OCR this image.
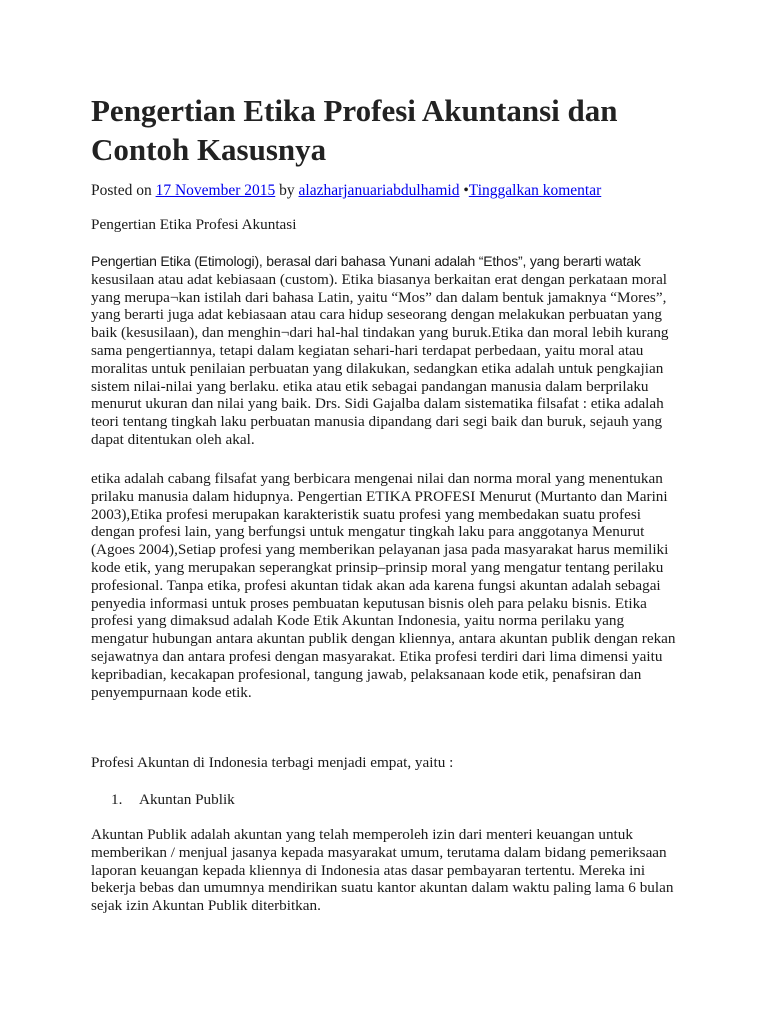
Pengertian Etika Profesi Akuntansi dan
Contoh Kasusnya
Posted on 17 November 2015 by alazharjanuariabdulhamid •Tinggalkan komentar

Pengertian Etika Profesi Akuntasi

Pengertian Etika (Etimologi), berasal dari bahasa Yunani adalah “Ethos”, yang berarti watak
kesusilaan atau adat kebiasaan (custom). Etika biasanya berkaitan erat dengan perkataan moral
yang merupa¬kan istilah dari bahasa Latin, yaitu “Mos” dan dalam bentuk jamaknya “Mores”,
yang berarti juga adat kebiasaan atau cara hidup seseorang dengan melakukan perbuatan yang
baik (kesusilaan), dan menghin¬dari hal-hal tindakan yang buruk.Etika dan moral lebih kurang
sama pengertiannya, tetapi dalam kegiatan sehari-hari terdapat perbedaan, yaitu moral atau
moralitas untuk penilaian perbuatan yang dilakukan, sedangkan etika adalah untuk pengkajian
sistem nilai-nilai yang berlaku. etika atau etik sebagai pandangan manusia dalam berprilaku
menurut ukuran dan nilai yang baik. Drs. Sidi Gajalba dalam sistematika filsafat : etika adalah
teori tentang tingkah laku perbuatan manusia dipandang dari segi baik dan buruk, sejauh yang
dapat ditentukan oleh akal.
etika adalah cabang filsafat yang berbicara mengenai nilai dan norma moral yang menentukan
prilaku manusia dalam hidupnya. Pengertian ETIKA PROFESI Menurut (Murtanto dan Marini
2003),Etika profesi merupakan karakteristik suatu profesi yang membedakan suatu profesi
dengan profesi lain, yang berfungsi untuk mengatur tingkah laku para anggotanya Menurut
(Agoes 2004),Setiap profesi yang memberikan pelayanan jasa pada masyarakat harus memiliki
kode etik, yang merupakan seperangkat prinsip–prinsip moral yang mengatur tentang perilaku
profesional. Tanpa etika, profesi akuntan tidak akan ada karena fungsi akuntan adalah sebagai
penyedia informasi untuk proses pembuatan keputusan bisnis oleh para pelaku bisnis. Etika
profesi yang dimaksud adalah Kode Etik Akuntan Indonesia, yaitu norma perilaku yang
mengatur hubungan antara akuntan publik dengan kliennya, antara akuntan publik dengan rekan
sejawatnya dan antara profesi dengan masyarakat. Etika profesi terdiri dari lima dimensi yaitu
kepribadian, kecakapan profesional, tangung jawab, pelaksanaan kode etik, penafsiran dan
penyempurnaan kode etik.

Profesi Akuntan di Indonesia terbagi menjadi empat, yaitu :

1. Akuntan Publik
Akuntan Publik adalah akuntan yang telah memperoleh izin dari menteri keuangan untuk
memberikan / menjual jasanya kepada masyarakat umum, terutama dalam bidang pemeriksaan
laporan keuangan kepada kliennya di Indonesia atas dasar pembayaran tertentu. Mereka ini
bekerja bebas dan umumnya mendirikan suatu kantor akuntan dalam waktu paling lama 6 bulan
sejak izin Akuntan Publik diterbitkan.
